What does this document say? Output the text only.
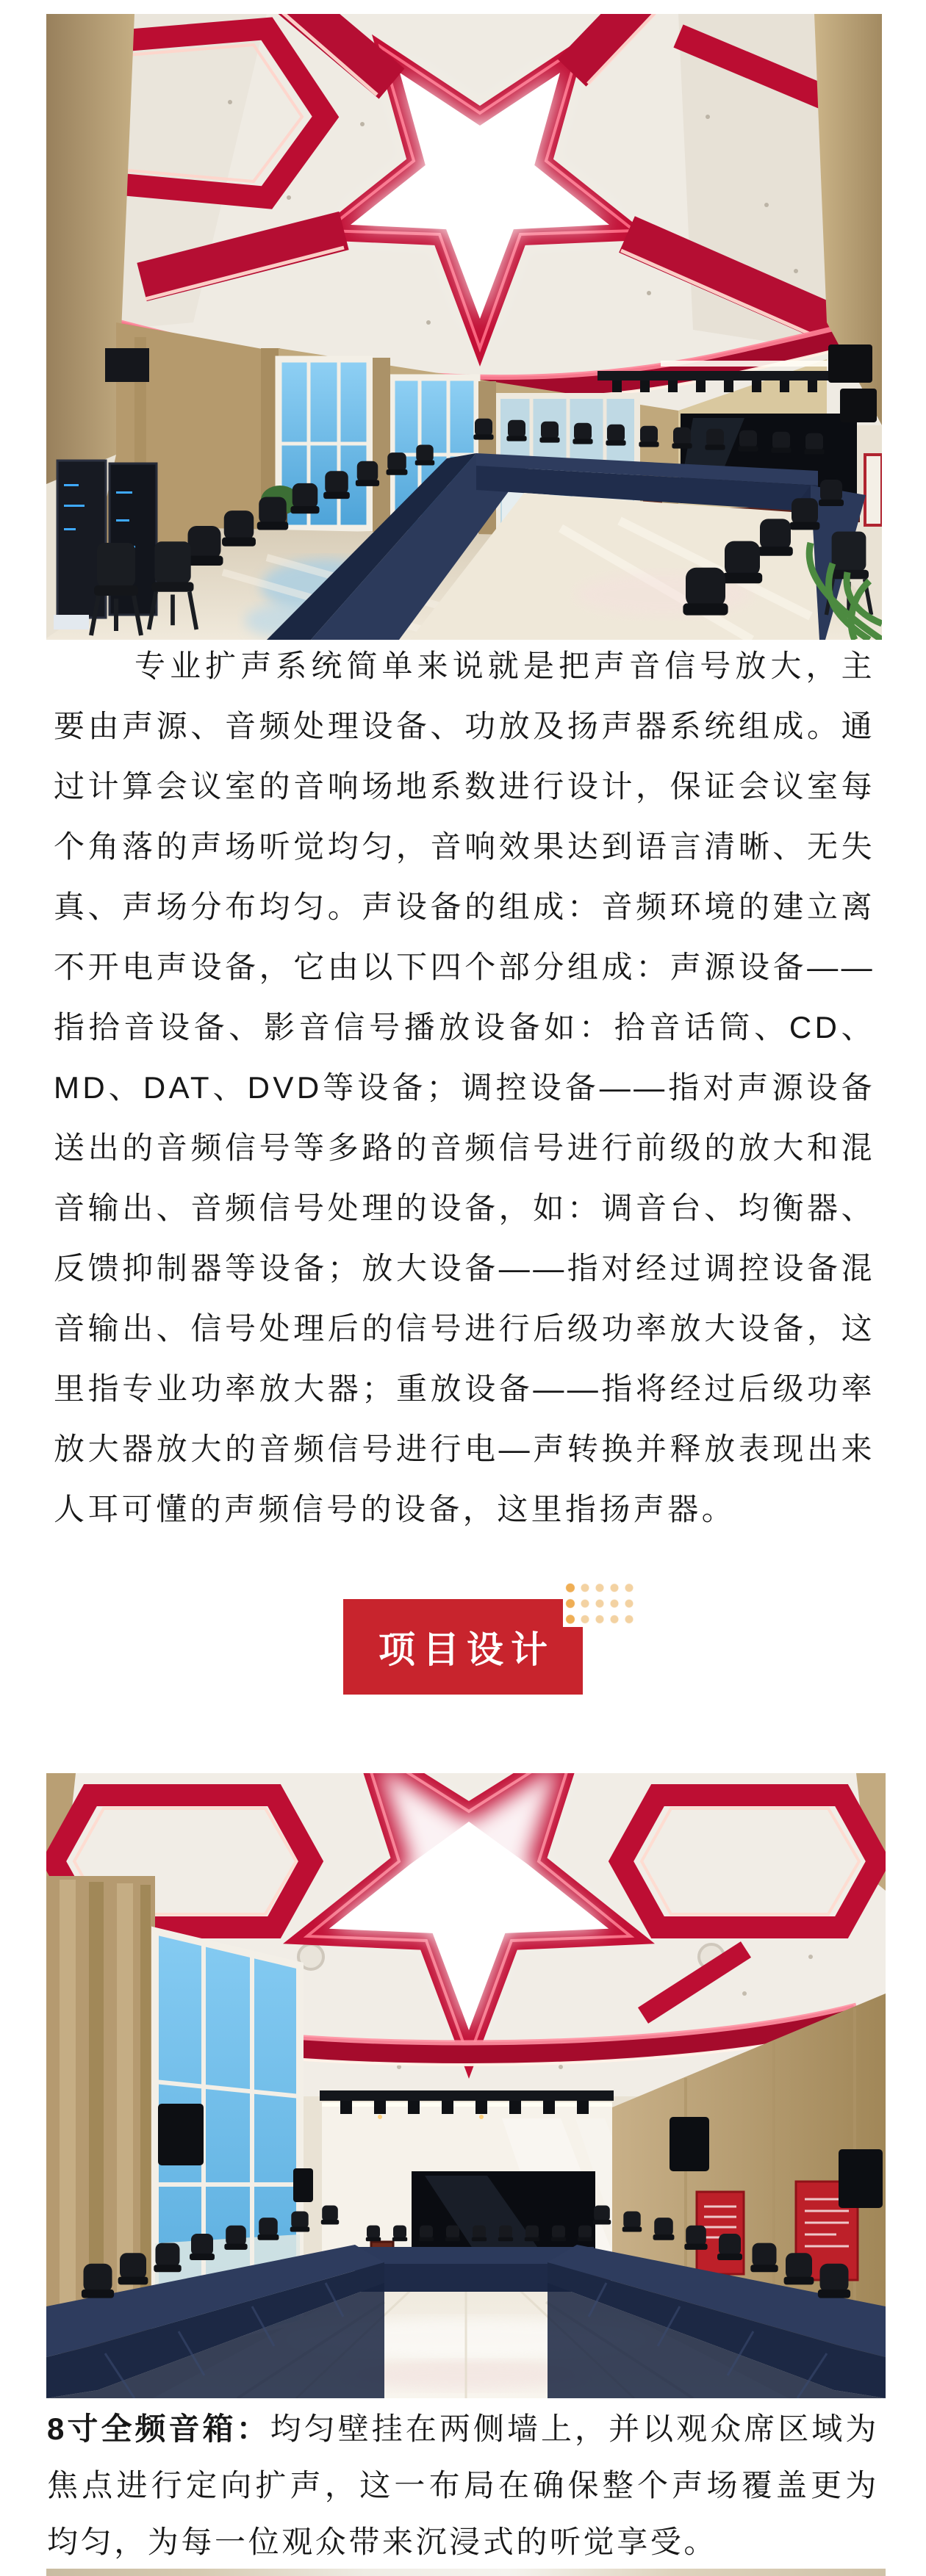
专业扩声系统简单来说就是把声音信号放大，主要由声源、音频处理设备、功放及扬声器系统组成。通过计算会议室的音响场地系数进行设计，保证会议室每个角落的声场听觉均匀，音响效果达到语言清晰、无失真、声场分布均匀。声设备的组成：音频环境的建立离不开电声设备，它由以下四个部分组成：声源设备——指拾音设备、影音信号播放设备如：拾音话筒、CD、MD、DAT、DVD等设备；调控设备——指对声源设备送出的音频信号等多路的音频信号进行前级的放大和混音输出、音频信号处理的设备，如：调音台、均衡器、反馈抑制器等设备；放大设备——指对经过调控设备混音输出、信号处理后的信号进行后级功率放大设备，这里指专业功率放大器；重放设备——指将经过后级功率放大器放大的音频信号进行电—声转换并释放表现出来人耳可懂的声频信号的设备，这里指扬声器。

项目设计

8寸全频音箱：均匀壁挂在两侧墙上，并以观众席区域为焦点进行定向扩声，这一布局在确保整个声场覆盖更为均匀，为每一位观众带来沉浸式的听觉享受。
